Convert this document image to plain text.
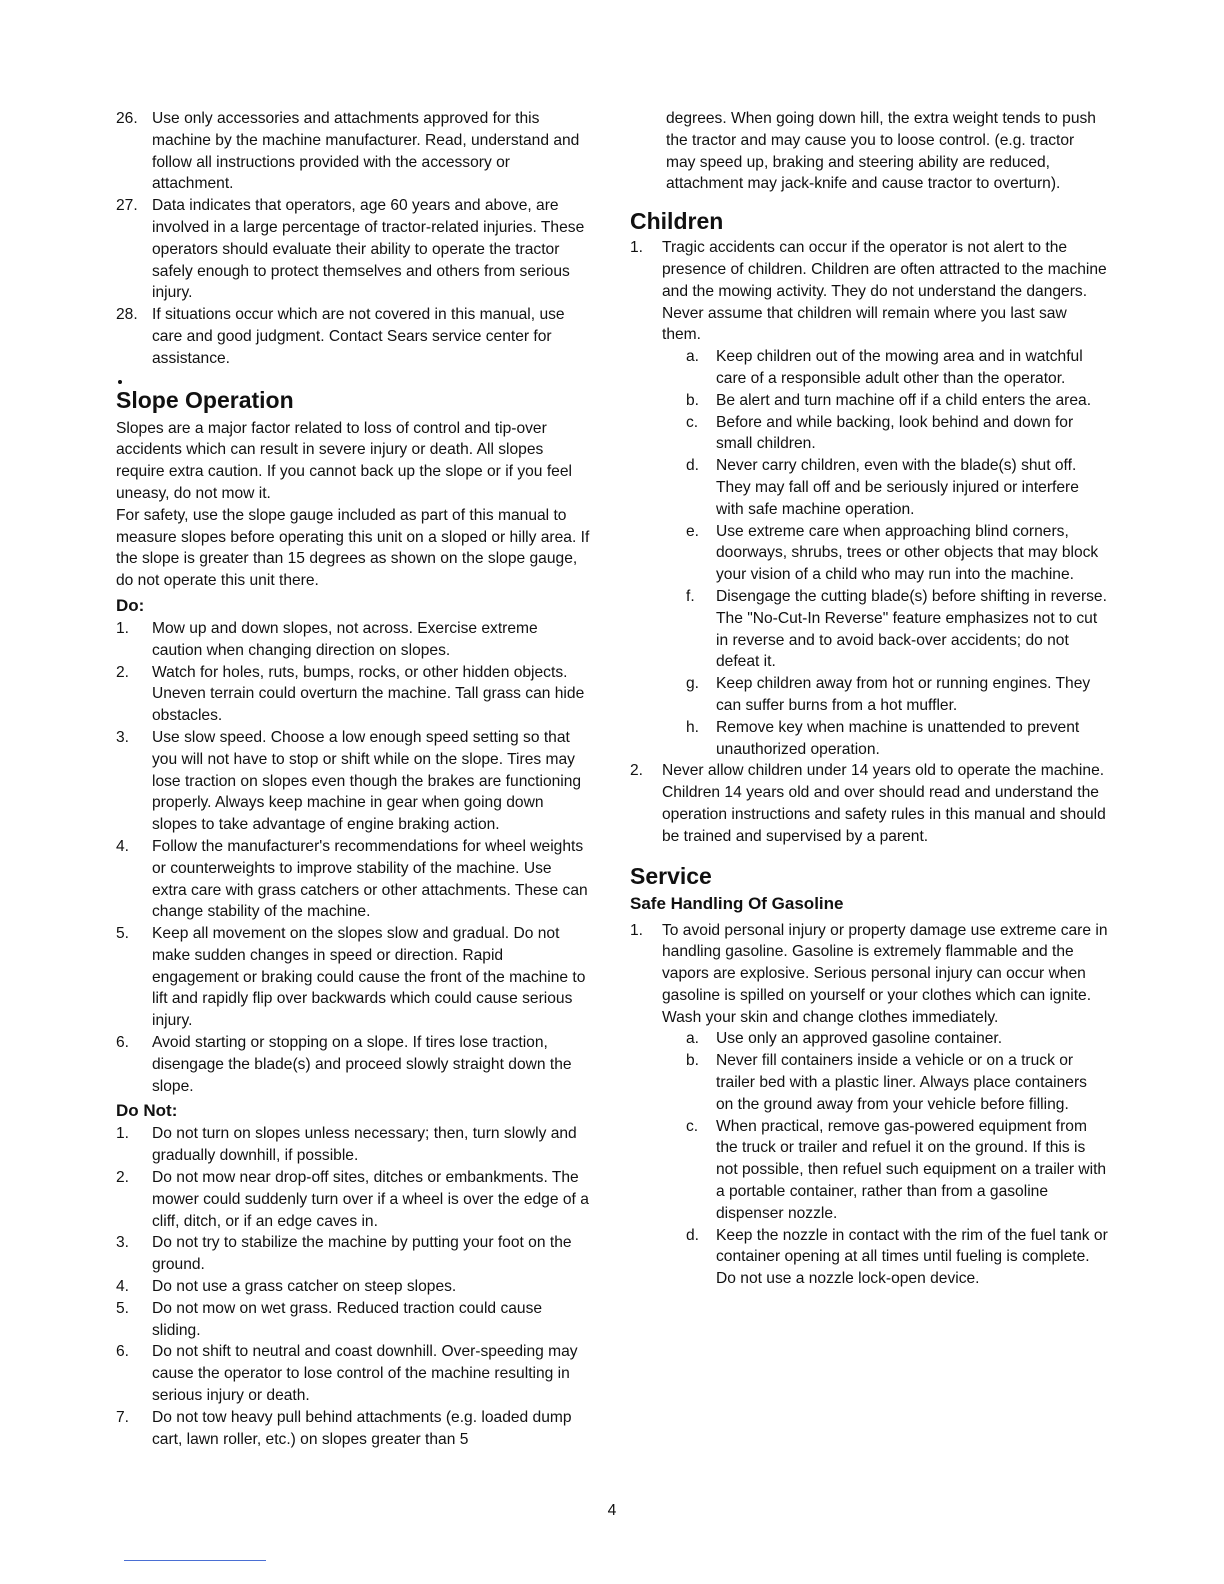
26. Use only accessories and attachments approved for this machine by the machine manufacturer. Read, understand and follow all instructions provided with the accessory or attachment.

27. Data indicates that operators, age 60 years and above, are involved in a large percentage of tractor-related injuries. These operators should evaluate their ability to operate the tractor safely enough to protect themselves and others from serious injury.

28. If situations occur which are not covered in this manual, use care and good judgment. Contact Sears service center for assistance.

Slope Operation

Slopes are a major factor related to loss of control and tip-over accidents which can result in severe injury or death. All slopes require extra caution. If you cannot back up the slope or if you feel uneasy, do not mow it.

For safety, use the slope gauge included as part of this manual to measure slopes before operating this unit on a sloped or hilly area. If the slope is greater than 15 degrees as shown on the slope gauge, do not operate this unit there.

Do:
1. Mow up and down slopes, not across. Exercise extreme caution when changing direction on slopes.

2. Watch for holes, ruts, bumps, rocks, or other hidden objects. Uneven terrain could overturn the machine. Tall grass can hide obstacles.

3. Use slow speed. Choose a low enough speed setting so that you will not have to stop or shift while on the slope. Tires may lose traction on slopes even though the brakes are functioning properly. Always keep machine in gear when going down slopes to take advantage of engine braking action.

4. Follow the manufacturer's recommendations for wheel weights or counterweights to improve stability of the machine. Use extra care with grass catchers or other attachments. These can change stability of the machine.

5. Keep all movement on the slopes slow and gradual. Do not make sudden changes in speed or direction. Rapid engagement or braking could cause the front of the machine to lift and rapidly flip over backwards which could cause serious injury.

6. Avoid starting or stopping on a slope. If tires lose traction, disengage the blade(s) and proceed slowly straight down the slope.

Do Not:
1. Do not turn on slopes unless necessary; then, turn slowly and gradually downhill, if possible.

2. Do not mow near drop-off sites, ditches or embankments. The mower could suddenly turn over if a wheel is over the edge of a cliff, ditch, or if an edge caves in.

3. Do not try to stabilize the machine by putting your foot on the ground.

4. Do not use a grass catcher on steep slopes.

5. Do not mow on wet grass. Reduced traction could cause sliding.

6. Do not shift to neutral and coast downhill. Over-speeding may cause the operator to lose control of the machine resulting in serious injury or death.

7. Do not tow heavy pull behind attachments (e.g. loaded dump cart, lawn roller, etc.) on slopes greater than 5

degrees. When going down hill, the extra weight tends to push the tractor and may cause you to loose control. (e.g. tractor may speed up, braking and steering ability are reduced, attachment may jack-knife and cause tractor to overturn).

Children
1. Tragic accidents can occur if the operator is not alert to the presence of children. Children are often attracted to the machine and the mowing activity. They do not understand the dangers. Never assume that children will remain where you last saw them.

a. Keep children out of the mowing area and in watchful care of a responsible adult other than the operator.

b. Be alert and turn machine off if a child enters the area.

c. Before and while backing, look behind and down for small children.

d. Never carry children, even with the blade(s) shut off. They may fall off and be seriously injured or interfere with safe machine operation.

e. Use extreme care when approaching blind corners, doorways, shrubs, trees or other objects that may block your vision of a child who may run into the machine.

f. Disengage the cutting blade(s) before shifting in reverse. The "No-Cut-In Reverse" feature emphasizes not to cut in reverse and to avoid back-over accidents; do not defeat it.

g. Keep children away from hot or running engines. They can suffer burns from a hot muffler.

h. Remove key when machine is unattended to prevent unauthorized operation.

2. Never allow children under 14 years old to operate the machine. Children 14 years old and over should read and understand the operation instructions and safety rules in this manual and should be trained and supervised by a parent.

Service
Safe Handling Of Gasoline
1. To avoid personal injury or property damage use extreme care in handling gasoline. Gasoline is extremely flammable and the vapors are explosive. Serious personal injury can occur when gasoline is spilled on yourself or your clothes which can ignite. Wash your skin and change clothes immediately.

a. Use only an approved gasoline container.

b. Never fill containers inside a vehicle or on a truck or trailer bed with a plastic liner. Always place containers on the ground away from your vehicle before filling.

c. When practical, remove gas-powered equipment from the truck or trailer and refuel it on the ground. If this is not possible, then refuel such equipment on a trailer with a portable container, rather than from a gasoline dispenser nozzle.

d. Keep the nozzle in contact with the rim of the fuel tank or container opening at all times until fueling is complete. Do not use a nozzle lock-open device.

4
